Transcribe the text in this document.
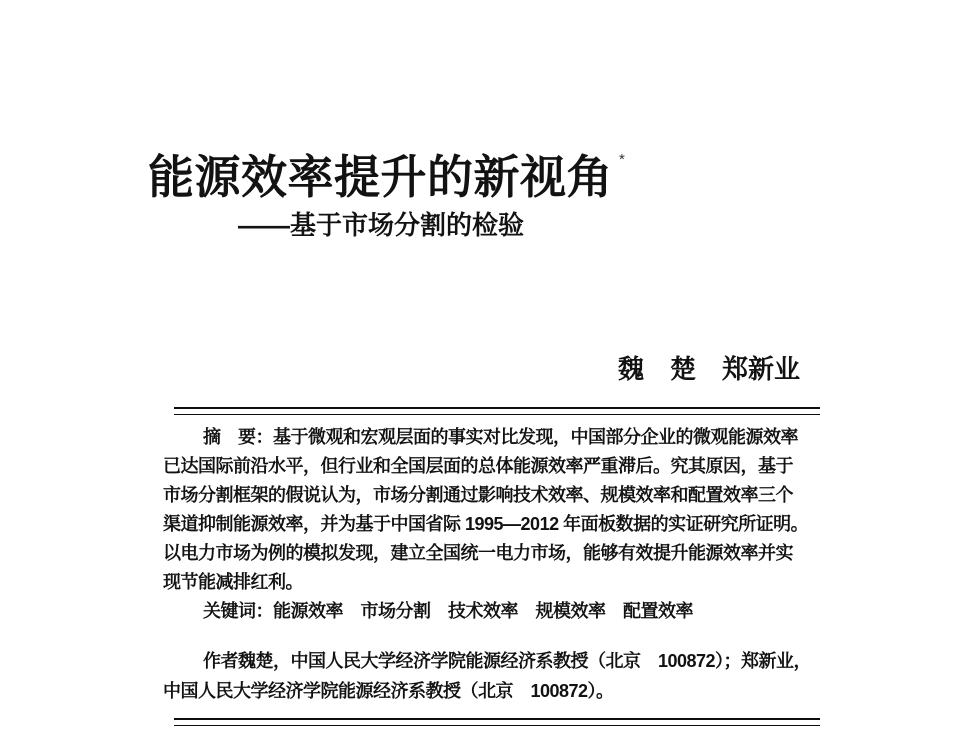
能源效率提升的新视角 *
——基于市场分割的检验
魏　楚　郑新业

摘　要：基于微观和宏观层面的事实对比发现，中国部分企业的微观能源效率

已达国际前沿水平，但行业和全国层面的总体能源效率严重滞后。究其原因，基于

市场分割框架的假说认为，市场分割通过影响技术效率、规模效率和配置效率三个

渠道抑制能源效率，并为基于中国省际 1995—2012 年面板数据的实证研究所证明。

以电力市场为例的模拟发现，建立全国统一电力市场，能够有效提升能源效率并实

现节能减排红利。

关键词：能源效率　市场分割　技术效率　规模效率　配置效率

作者魏楚，中国人民大学经济学院能源经济系教授（北京　100872）；郑新业，

中国人民大学经济学院能源经济系教授（北京　100872）。
